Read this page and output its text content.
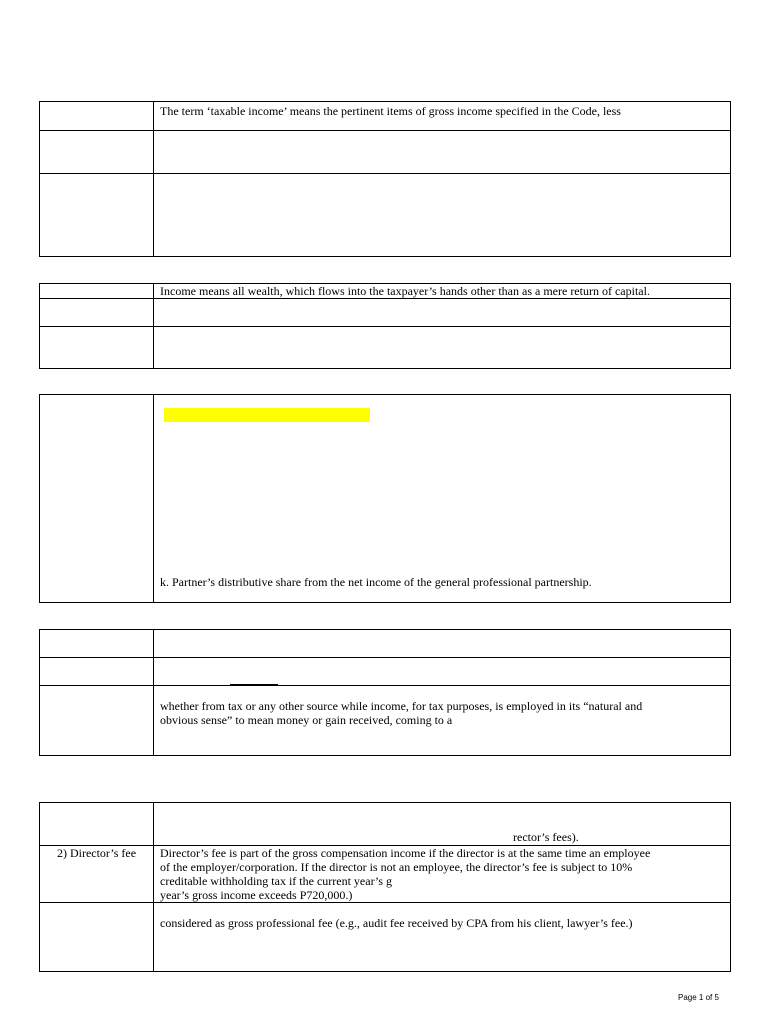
	The term ‘taxable income’ means the pertinent items of gross income specified in the Code, less

	Income means all wealth, which flows into the taxpayer’s hands other than as a mere return of capital.

k. Partner’s distributive share from the net income of the general professional partnership.

	whether from tax or any other source while income, for tax purposes, is employed in its “natural and
obvious sense” to mean money or gain received, coming to a

	rector’s fees).

2) Director’s fee	Director’s fee is part of the gross compensation income if the director is at the same time an employee
of the employer/corporation. If the director is not an employee, the director’s fee is subject to 10%
creditable withholding tax if the current year’s g
year’s gross income exceeds P720,000.)

	considered as gross professional fee (e.g., audit fee received by CPA from his client, lawyer’s fee.)
Page 1 of 5
